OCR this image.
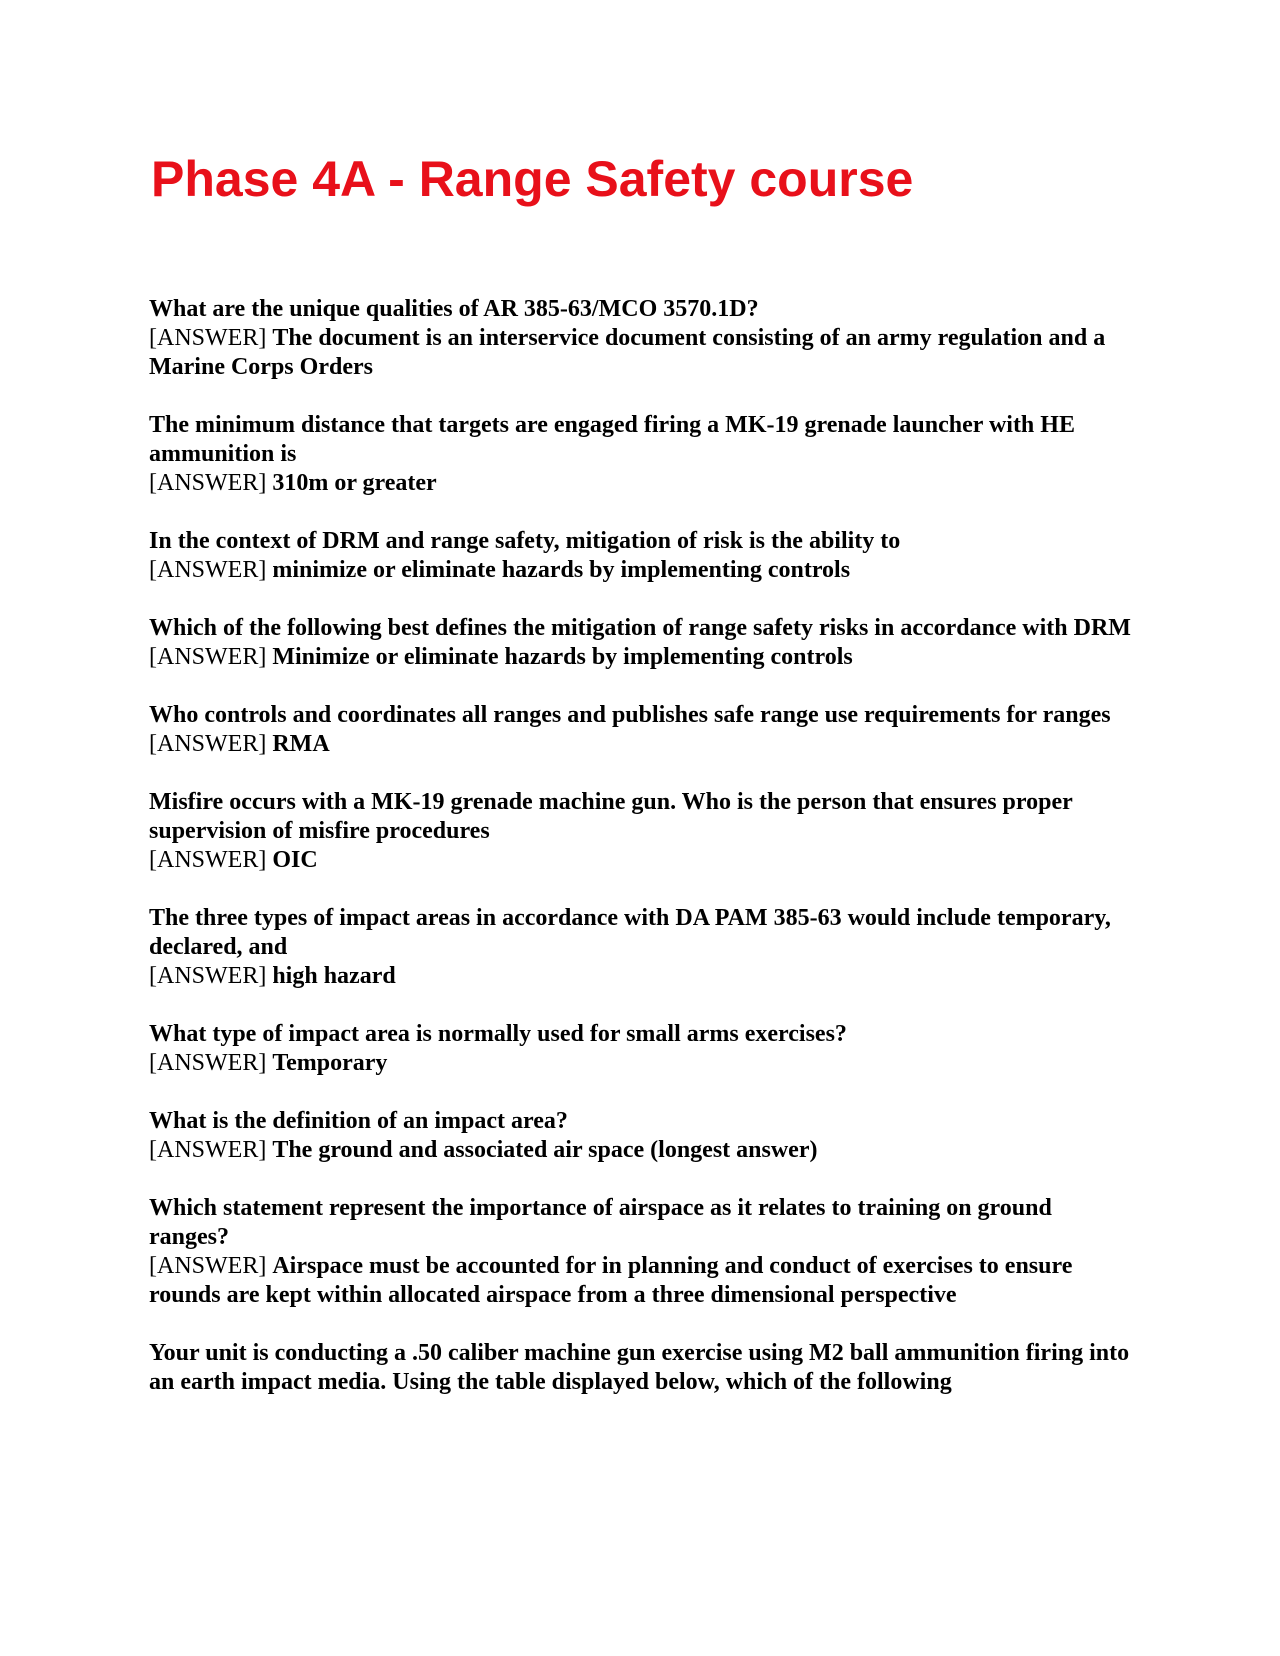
Phase 4A - Range Safety course

What are the unique qualities of AR 385-63/MCO 3570.1D?

[ANSWER] The document is an interservice document consisting of an army regulation and a Marine Corps Orders

The minimum distance that targets are engaged firing a MK-19 grenade launcher with HE ammunition is

[ANSWER] 310m or greater

In the context of DRM and range safety, mitigation of risk is the ability to

[ANSWER] minimize or eliminate hazards by implementing controls

Which of the following best defines the mitigation of range safety risks in accordance with DRM

[ANSWER] Minimize or eliminate hazards by implementing controls

Who controls and coordinates all ranges and publishes safe range use requirements for ranges

[ANSWER] RMA

Misfire occurs with a MK-19 grenade machine gun. Who is the person that ensures proper supervision of misfire procedures

[ANSWER] OIC

The three types of impact areas in accordance with DA PAM 385-63 would include temporary, declared, and

[ANSWER] high hazard

What type of impact area is normally used for small arms exercises?

[ANSWER] Temporary

What is the definition of an impact area?

[ANSWER] The ground and associated air space (longest answer)

Which statement represent the importance of airspace as it relates to training on ground ranges?

[ANSWER] Airspace must be accounted for in planning and conduct of exercises to ensure rounds are kept within allocated airspace from a three dimensional perspective

Your unit is conducting a .50 caliber machine gun exercise using M2 ball ammunition firing into an earth impact media. Using the table displayed below, which of the following
